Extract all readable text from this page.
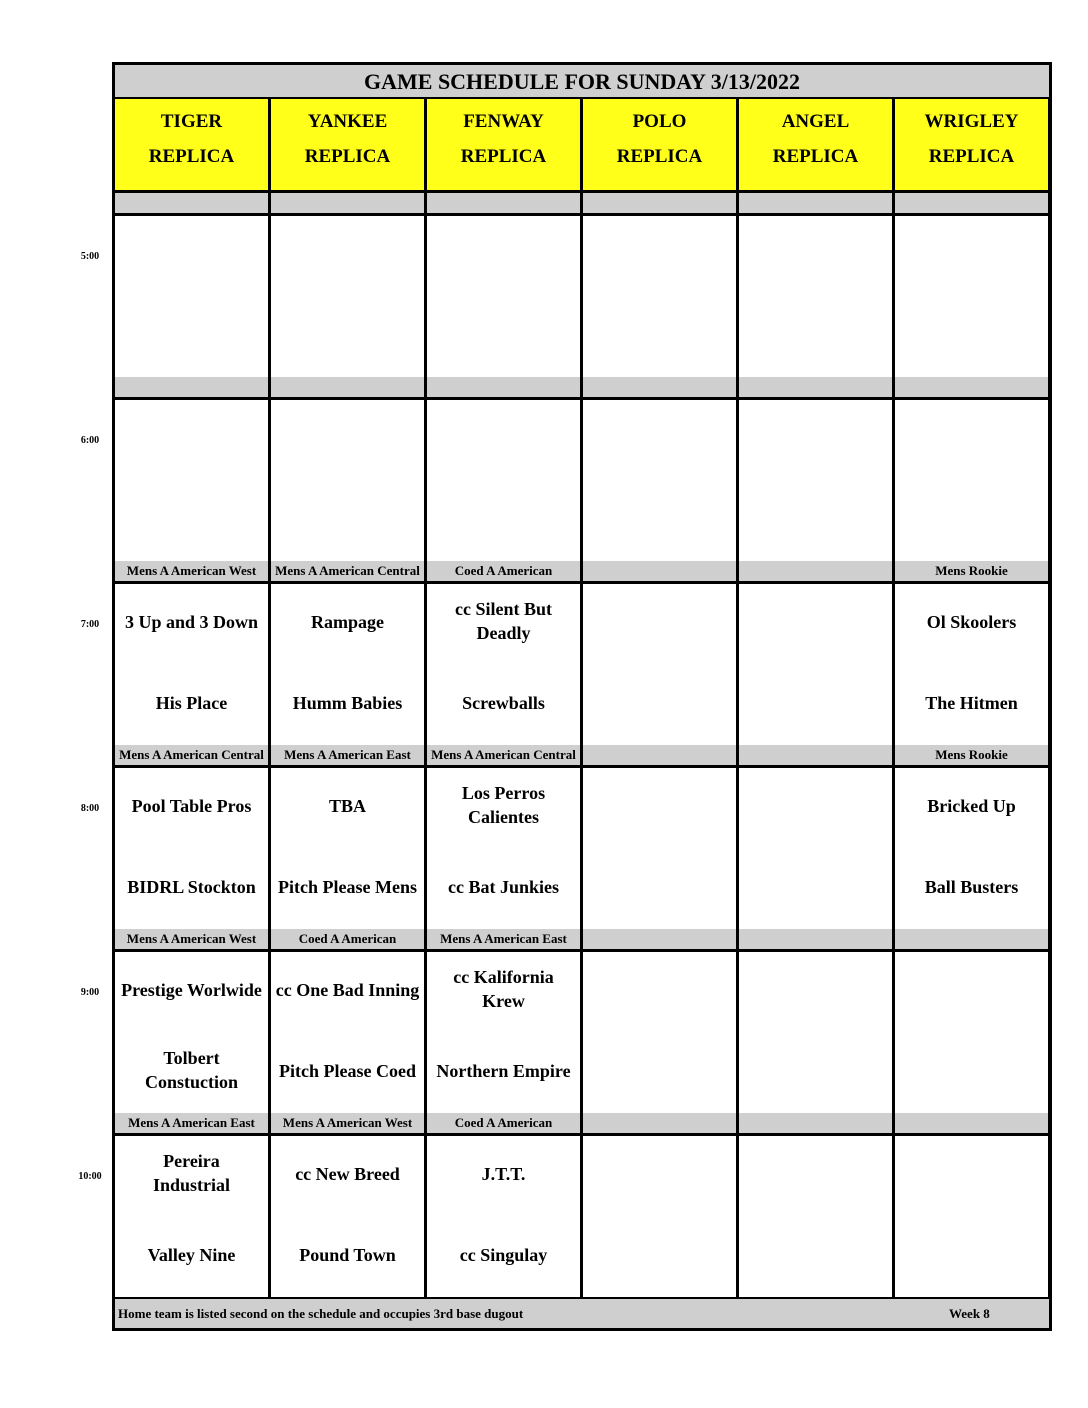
GAME SCHEDULE FOR SUNDAY 3/13/2022
Home team is listed second on the schedule and occupies 3rd base dugout	Week 8
TIGER
REPLICA
YANKEE
REPLICA
FENWAY
REPLICA
POLO
REPLICA
ANGEL
REPLICA
WRIGLEY
REPLICA
Mens A American West
3 Up and 3 Down
His Place
Mens A American Central
Rampage
Humm Babies
Coed A American
cc Silent But Deadly
Screwballs
Mens Rookie
Ol Skoolers
The Hitmen
Mens A American Central
Pool Table Pros
BIDRL Stockton
Mens A American East
TBA
Pitch Please Mens
Mens A American Central
Los Perros Calientes
cc Bat Junkies
Mens Rookie
Bricked Up
Ball Busters
Mens A American West
Prestige Worlwide
Tolbert Constuction
Coed A American
cc One Bad Inning
Pitch Please Coed
Mens A American East
cc Kalifornia Krew
Northern Empire
Mens A American East
Pereira Industrial
Valley Nine
Mens A American West
cc New Breed
Pound Town
Coed A American
J.T.T.
cc Singulay
5:00
6:00
7:00
8:00
9:00
10:00
